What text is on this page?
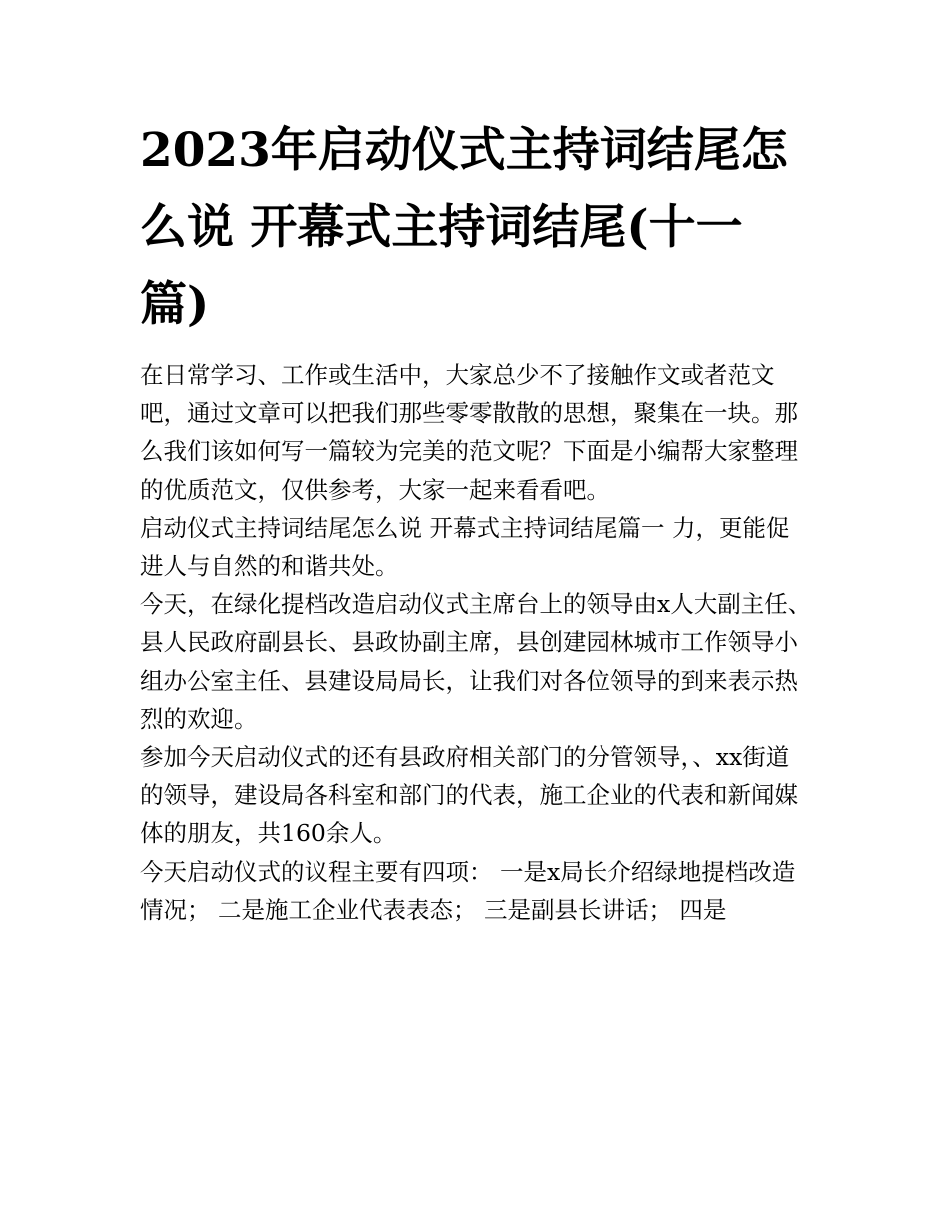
2023年启动仪式主持词结尾怎么说 开幕式主持词结尾(十一篇)

在日常学习、工作或生活中，大家总少不了接触作文或者范文吧，通过文章可以把我们那些零零散散的思想，聚集在一块。那么我们该如何写一篇较为完美的范文呢？下面是小编帮大家整理的优质范文，仅供参考，大家一起来看看吧。

启动仪式主持词结尾怎么说 开幕式主持词结尾篇一 力，更能促进人与自然的和谐共处。

今天，在绿化提档改造启动仪式主席台上的领导由x人大副主任、县人民政府副县长、县政协副主席，县创建园林城市工作领导小组办公室主任、县建设局局长，让我们对各位领导的到来表示热烈的欢迎。

参加今天启动仪式的还有县政府相关部门的分管领导，、xx街道的领导，建设局各科室和部门的代表，施工企业的代表和新闻媒体的朋友，共160余人。

今天启动仪式的议程主要有四项： 一是x局长介绍绿地提档改造情况； 二是施工企业代表表态； 三是副县长讲话； 四是
